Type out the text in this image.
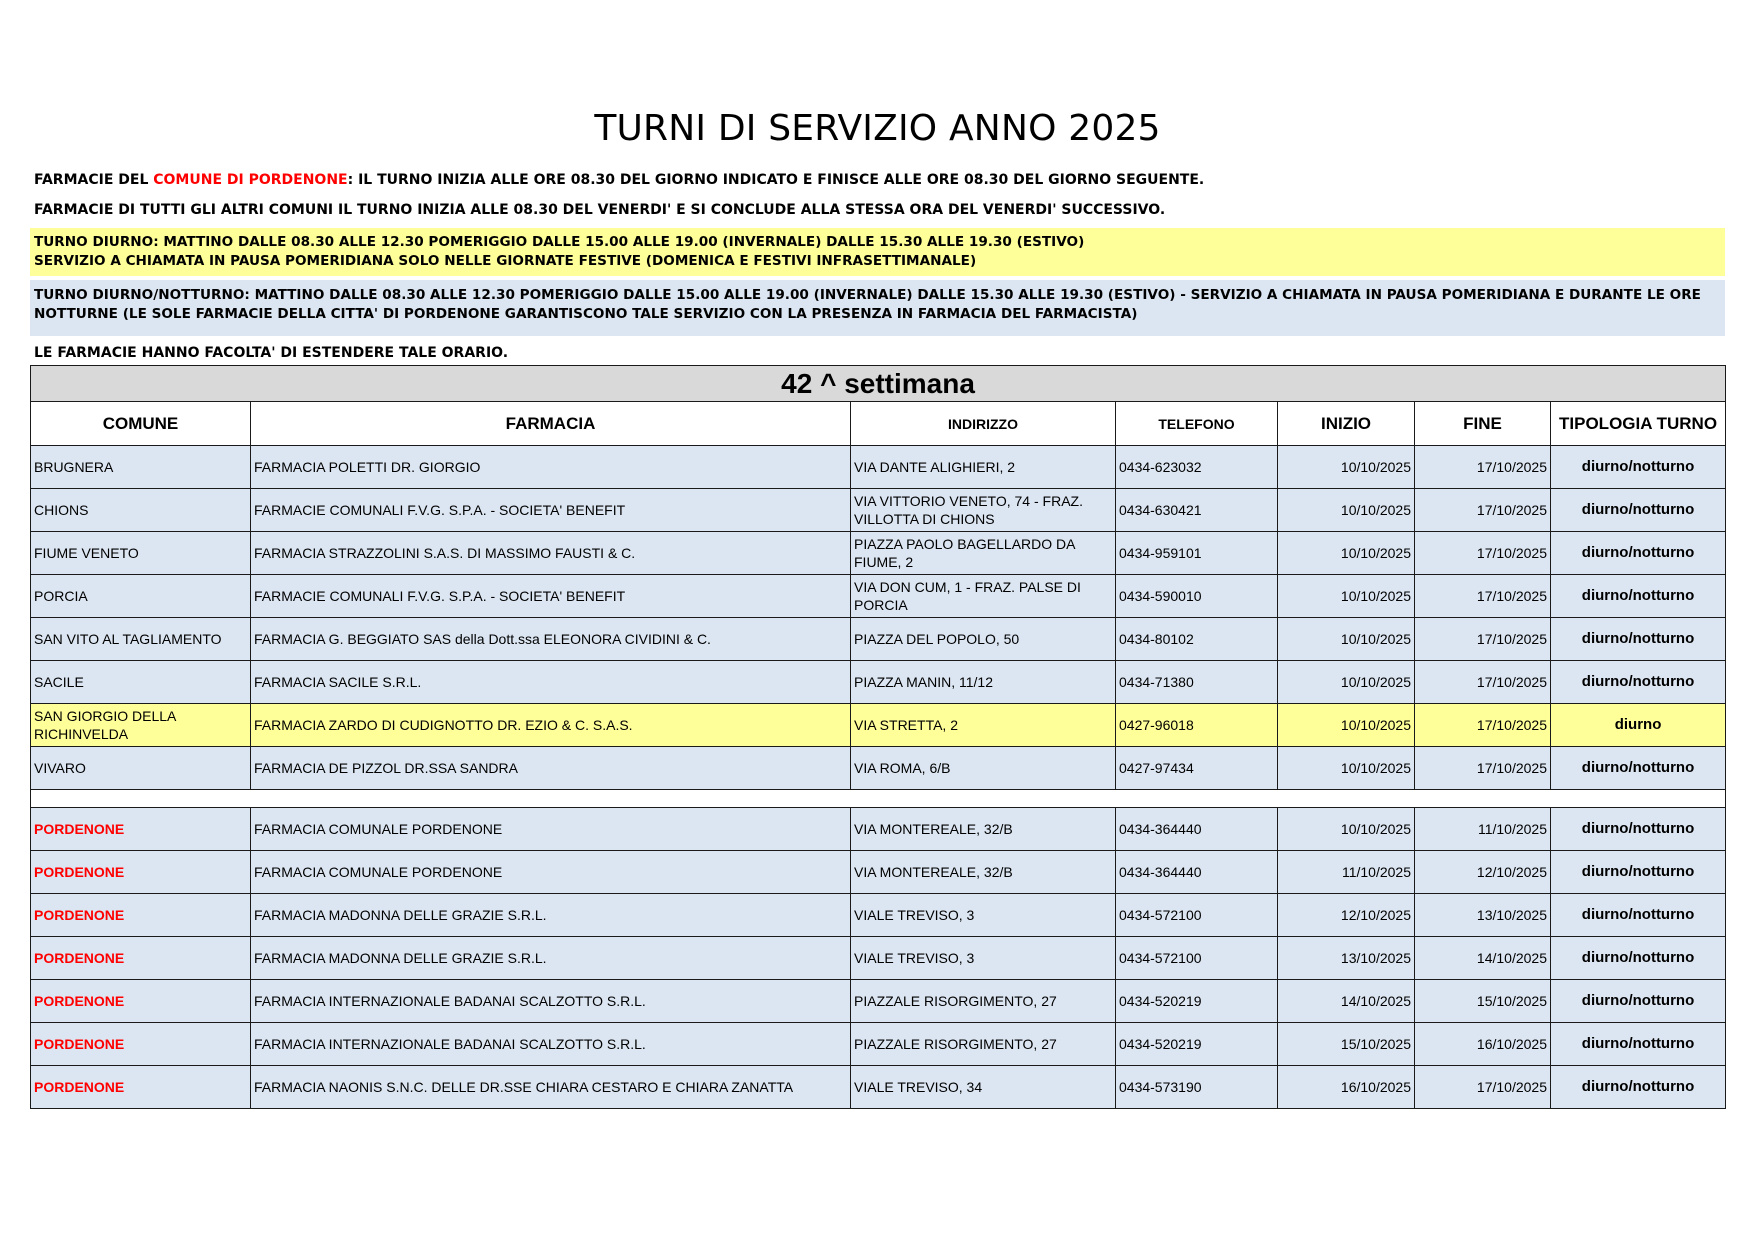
TURNI DI SERVIZIO ANNO 2025
FARMACIE DEL COMUNE DI PORDENONE: IL TURNO INIZIA ALLE ORE 08.30 DEL GIORNO INDICATO E FINISCE ALLE ORE 08.30 DEL GIORNO SEGUENTE.
FARMACIE DI TUTTI GLI ALTRI COMUNI IL TURNO INIZIA ALLE 08.30 DEL VENERDI' E SI CONCLUDE ALLA STESSA ORA DEL VENERDI' SUCCESSIVO.
TURNO DIURNO: MATTINO DALLE 08.30 ALLE 12.30 POMERIGGIO DALLE 15.00 ALLE 19.00 (INVERNALE) DALLE 15.30 ALLE 19.30 (ESTIVO)
SERVIZIO A CHIAMATA IN PAUSA POMERIDIANA SOLO NELLE GIORNATE FESTIVE (DOMENICA E FESTIVI INFRASETTIMANALE)
TURNO DIURNO/NOTTURNO: MATTINO DALLE 08.30 ALLE 12.30 POMERIGGIO DALLE 15.00 ALLE 19.00 (INVERNALE) DALLE 15.30 ALLE 19.30 (ESTIVO) - SERVIZIO A CHIAMATA IN PAUSA POMERIDIANA E DURANTE LE ORE NOTTURNE (LE SOLE FARMACIE DELLA CITTA' DI PORDENONE GARANTISCONO TALE SERVIZIO CON LA PRESENZA IN FARMACIA DEL FARMACISTA)
LE FARMACIE HANNO FACOLTA' DI ESTENDERE TALE ORARIO.
42 ^ settimana						
COMUNE	FARMACIA	INDIRIZZO	TELEFONO	INIZIO	FINE	TIPOLOGIA TURNO
BRUGNERA	FARMACIA POLETTI DR. GIORGIO	VIA DANTE ALIGHIERI, 2	0434-623032	10/10/2025	17/10/2025	diurno/notturno
CHIONS	FARMACIE COMUNALI F.V.G. S.P.A. - SOCIETA' BENEFIT	VIA VITTORIO VENETO, 74 - FRAZ. VILLOTTA DI CHIONS	0434-630421	10/10/2025	17/10/2025	diurno/notturno
FIUME VENETO	FARMACIA STRAZZOLINI S.A.S. DI MASSIMO FAUSTI & C.	PIAZZA PAOLO BAGELLARDO DA FIUME, 2	0434-959101	10/10/2025	17/10/2025	diurno/notturno
PORCIA	FARMACIE COMUNALI F.V.G. S.P.A. - SOCIETA' BENEFIT	VIA DON CUM, 1 - FRAZ. PALSE DI PORCIA	0434-590010	10/10/2025	17/10/2025	diurno/notturno
SAN VITO AL TAGLIAMENTO	FARMACIA G. BEGGIATO SAS della Dott.ssa ELEONORA CIVIDINI & C.	PIAZZA DEL POPOLO, 50	0434-80102	10/10/2025	17/10/2025	diurno/notturno
SACILE	FARMACIA SACILE S.R.L.	PIAZZA MANIN, 11/12	0434-71380	10/10/2025	17/10/2025	diurno/notturno
SAN GIORGIO DELLA RICHINVELDA	FARMACIA ZARDO DI CUDIGNOTTO DR. EZIO & C. S.A.S.	VIA STRETTA, 2	0427-96018	10/10/2025	17/10/2025	diurno
VIVARO	FARMACIA DE PIZZOL DR.SSA SANDRA	VIA ROMA, 6/B	0427-97434	10/10/2025	17/10/2025	diurno/notturno

PORDENONE	FARMACIA COMUNALE PORDENONE	VIA MONTEREALE, 32/B	0434-364440	10/10/2025	11/10/2025	diurno/notturno
PORDENONE	FARMACIA COMUNALE PORDENONE	VIA MONTEREALE, 32/B	0434-364440	11/10/2025	12/10/2025	diurno/notturno
PORDENONE	FARMACIA MADONNA DELLE GRAZIE S.R.L.	VIALE TREVISO, 3	0434-572100	12/10/2025	13/10/2025	diurno/notturno
PORDENONE	FARMACIA MADONNA DELLE GRAZIE S.R.L.	VIALE TREVISO, 3	0434-572100	13/10/2025	14/10/2025	diurno/notturno
PORDENONE	FARMACIA INTERNAZIONALE BADANAI SCALZOTTO S.R.L.	PIAZZALE RISORGIMENTO, 27	0434-520219	14/10/2025	15/10/2025	diurno/notturno
PORDENONE	FARMACIA INTERNAZIONALE BADANAI SCALZOTTO S.R.L.	PIAZZALE RISORGIMENTO, 27	0434-520219	15/10/2025	16/10/2025	diurno/notturno
PORDENONE	FARMACIA NAONIS S.N.C. DELLE DR.SSE CHIARA CESTARO E CHIARA ZANATTA	VIALE TREVISO, 34	0434-573190	16/10/2025	17/10/2025	diurno/notturno
